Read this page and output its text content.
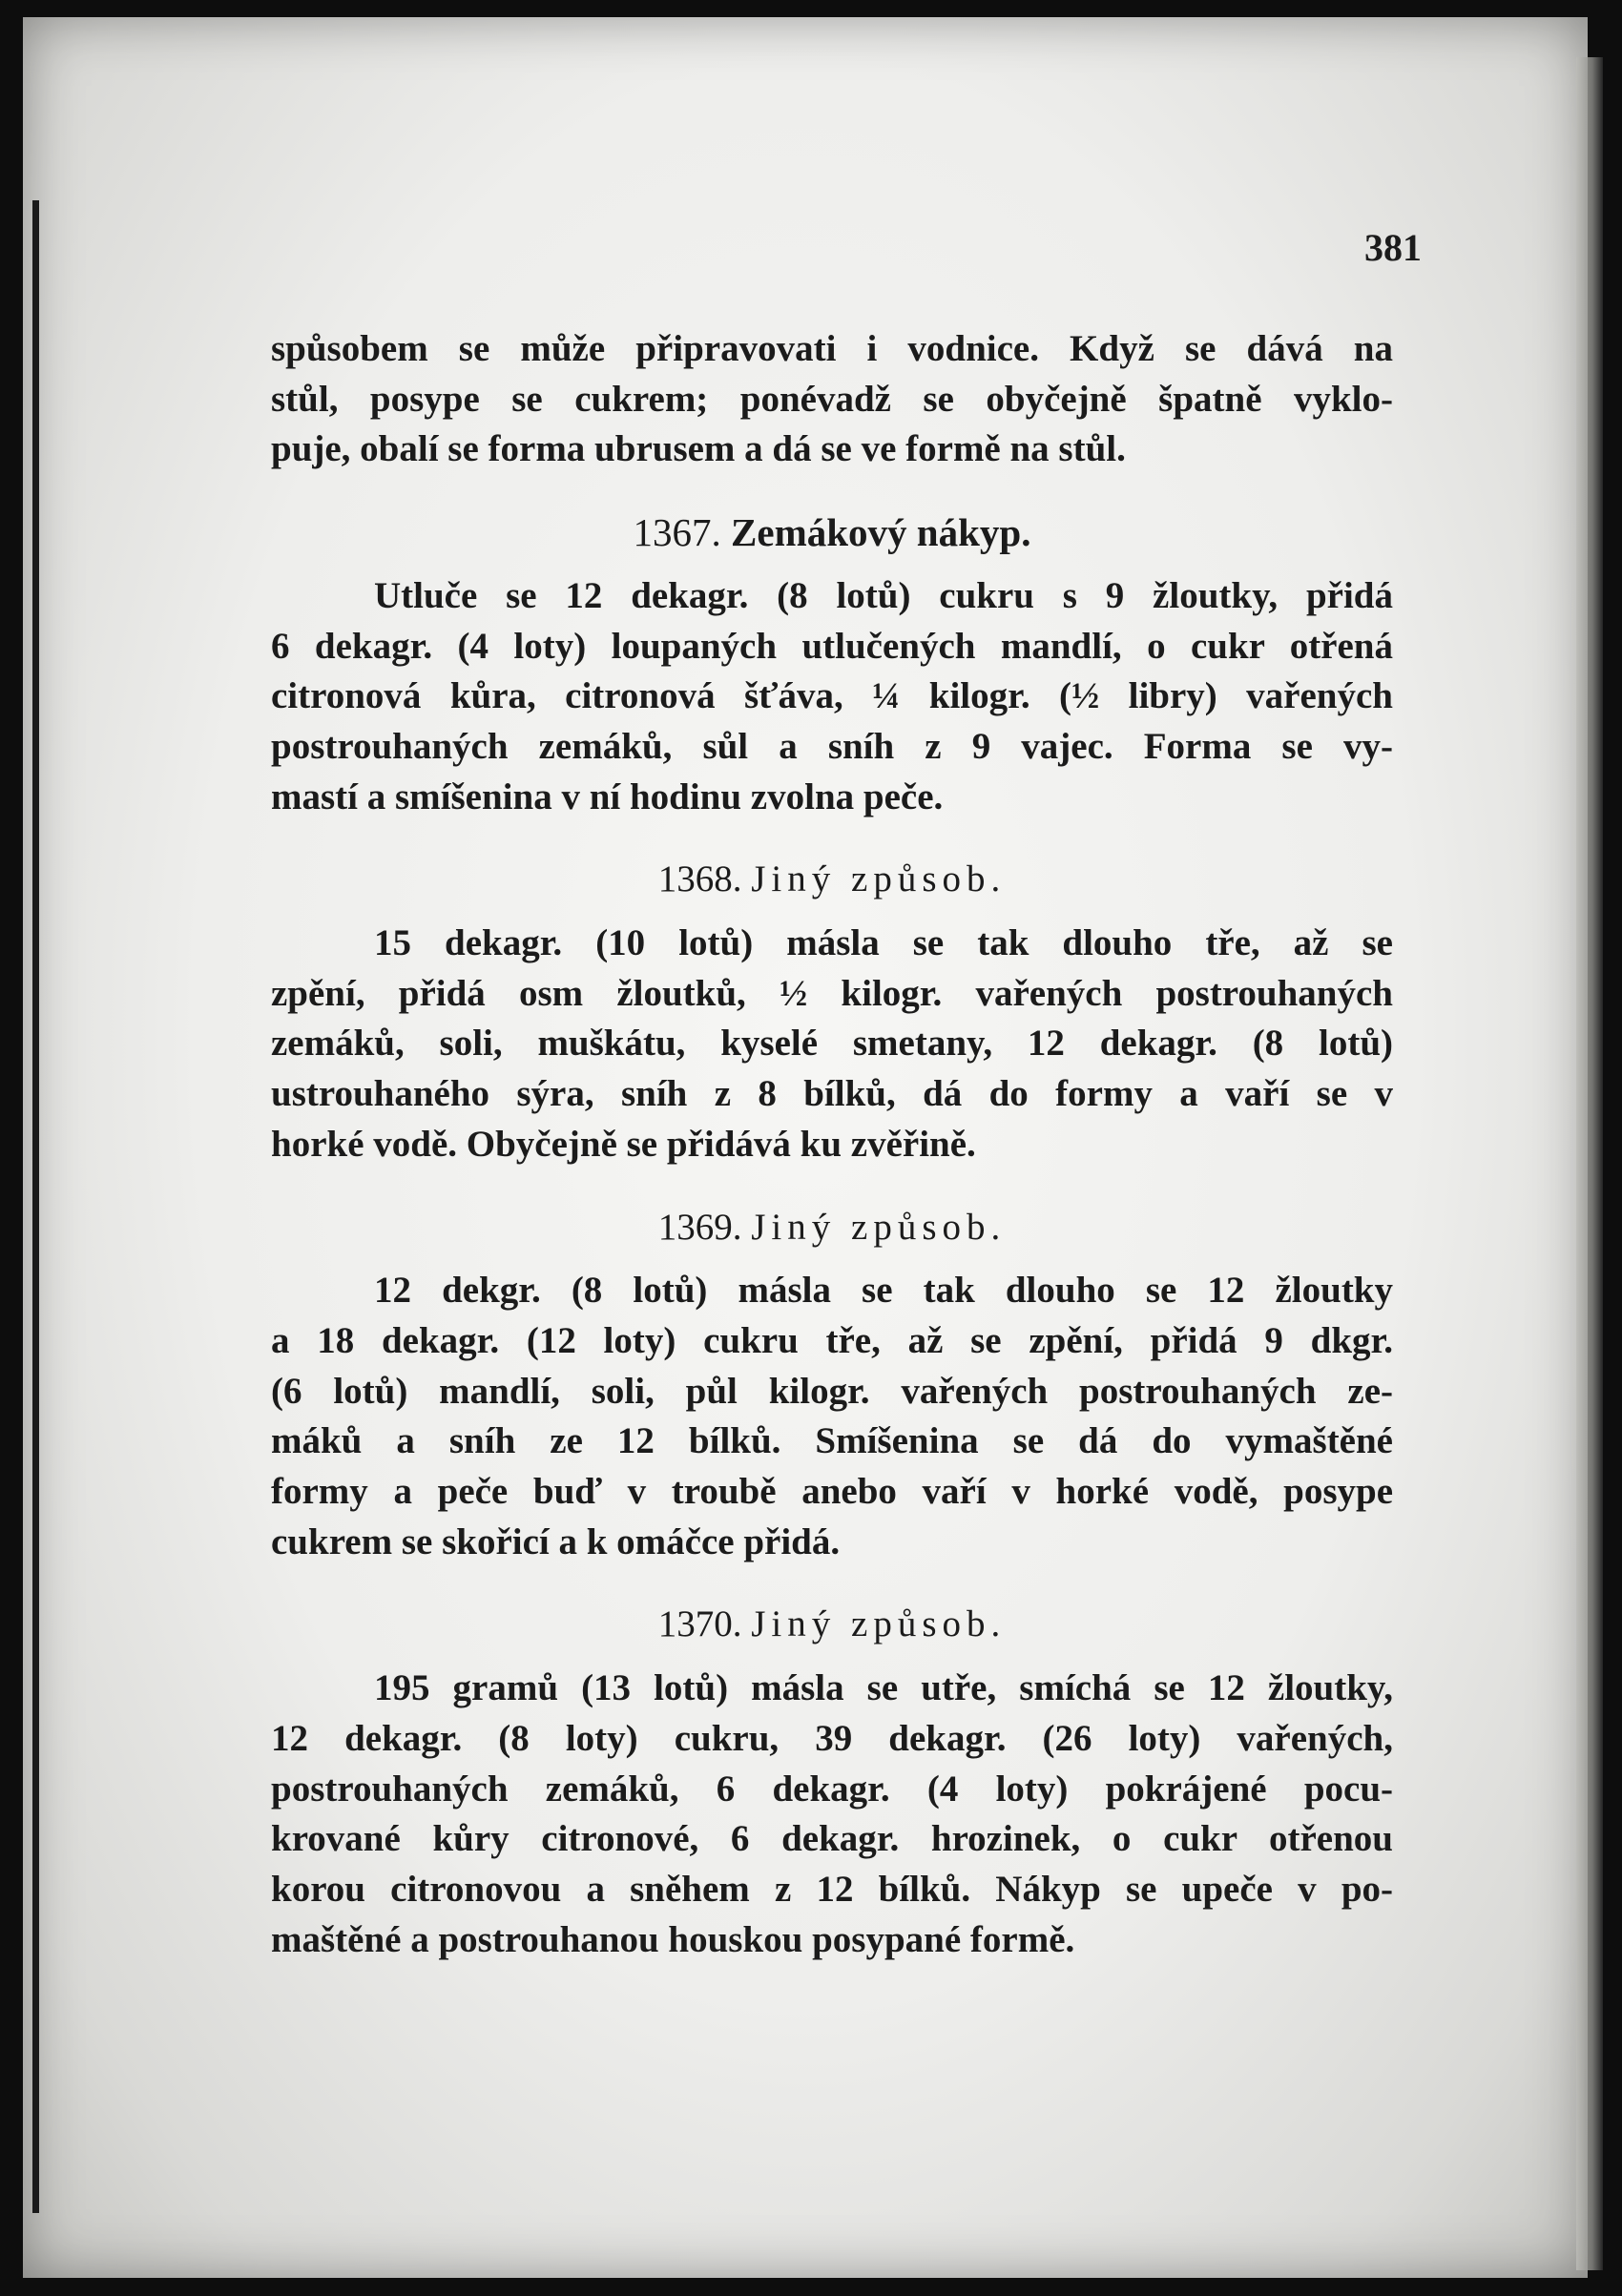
381
spůsobem se může připravovati i vodnice. Když se dává na
stůl, posype se cukrem; ponévadž se obyčejně špatně vyklo-
puje, obalí se forma ubrusem a dá se ve formě na stůl.
1367. Zemákový nákyp.
Utluče se 12 dekagr. (8 lotů) cukru s 9 žloutky, přidá
6 dekagr. (4 loty) loupaných utlučených mandlí, o cukr otřená
citronová kůra, citronová šťáva, ¼ kilogr. (½ libry) vařených
postrouhaných zemáků, sůl a sníh z 9 vajec. Forma se vy-
mastí a smíšenina v ní hodinu zvolna peče.
1368. Jiný způsob.
15 dekagr. (10 lotů) másla se tak dlouho tře, až se
zpění, přidá osm žloutků, ½ kilogr. vařených postrouhaných
zemáků, soli, muškátu, kyselé smetany, 12 dekagr. (8 lotů)
ustrouhaného sýra, sníh z 8 bílků, dá do formy a vaří se v
horké vodě. Obyčejně se přidává ku zvěřině.
1369. Jiný způsob.
12 dekgr. (8 lotů) másla se tak dlouho se 12 žloutky
a 18 dekagr. (12 loty) cukru tře, až se zpění, přidá 9 dkgr.
(6 lotů) mandlí, soli, půl kilogr. vařených postrouhaných ze-
máků a sníh ze 12 bílků. Smíšenina se dá do vymaštěné
formy a peče buď v troubě anebo vaří v horké vodě, posype
cukrem se skořicí a k omáčce přidá.
1370. Jiný způsob.
195 gramů (13 lotů) másla se utře, smíchá se 12 žloutky,
12 dekagr. (8 loty) cukru, 39 dekagr. (26 loty) vařených,
postrouhaných zemáků, 6 dekagr. (4 loty) pokrájené pocu-
krované kůry citronové, 6 dekagr. hrozinek, o cukr otřenou
korou citronovou a sněhem z 12 bílků. Nákyp se upeče v po-
maštěné a postrouhanou houskou posypané formě.
